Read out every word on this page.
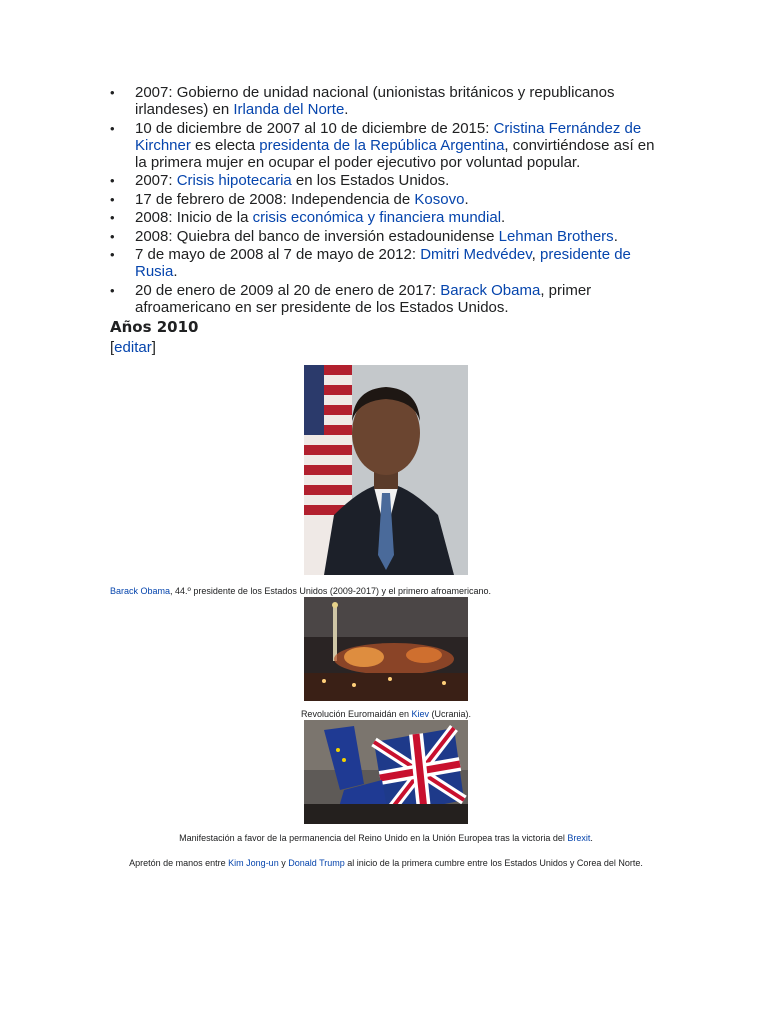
• 2007: Gobierno de unidad nacional (unionistas británicos y republicanos irlandeses) en Irlanda del Norte.
• 10 de diciembre de 2007 al 10 de diciembre de 2015: Cristina Fernández de Kirchner es electa presidenta de la República Argentina, convirtiéndose así en la primera mujer en ocupar el poder ejecutivo por voluntad popular.
• 2007: Crisis hipotecaria en los Estados Unidos.
• 17 de febrero de 2008: Independencia de Kosovo.
• 2008: Inicio de la crisis económica y financiera mundial.
• 2008: Quiebra del banco de inversión estadounidense Lehman Brothers.
• 7 de mayo de 2008 al 7 de mayo de 2012: Dmitri Medvédev, presidente de Rusia.
• 20 de enero de 2009 al 20 de enero de 2017: Barack Obama, primer afroamericano en ser presidente de los Estados Unidos.
Años 2010
[editar]
Barack Obama, 44.º presidente de los Estados Unidos (2009-2017) y el primero afroamericano.
Revolución Euromaidán en Kiev (Ucrania).
Manifestación a favor de la permanencia del Reino Unido en la Unión Europea tras la victoria del Brexit.
Apretón de manos entre Kim Jong-un y Donald Trump al inicio de la primera cumbre entre los Estados Unidos y Corea del Norte.
